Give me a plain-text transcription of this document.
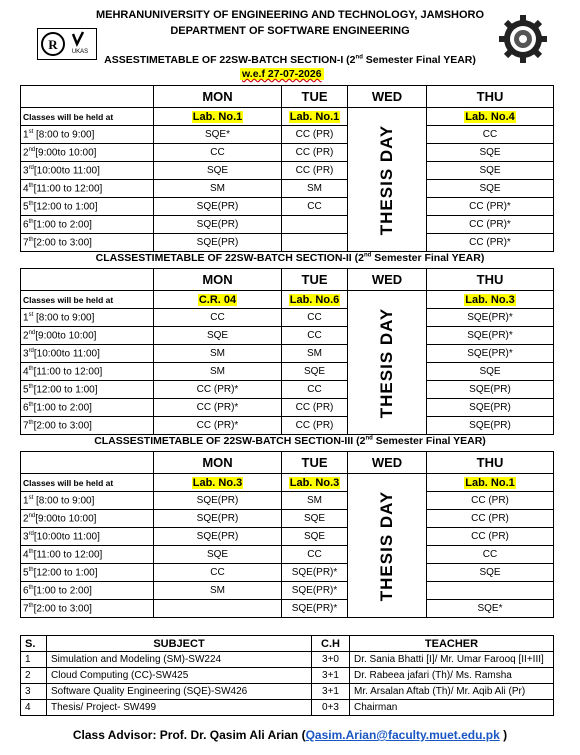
MEHRANUNIVERSITY OF ENGINEERING AND TECHNOLOGY, JAMSHORO
DEPARTMENT OF SOFTWARE ENGINEERING
R UKAS
ASSESTIMETABLE OF 22SW-BATCH SECTION-I (2nd Semester Final YEAR)
w.e.f 27-07-2026
	MON	TUE	WED	THU	
Classes will be held at	Lab. No.1	Lab. No.1	THESIS DAY	Lab. No.4	
1st [8:00 to 9:00]	SQE*	CC (PR)		CC	
2nd[9:00to 10:00]	CC	CC (PR)		SQE	
3rd[10:00to 11:00]	SQE	CC (PR)		SQE	
4th[11:00 to 12:00]	SM	SM		SQE	
5th[12:00 to 1:00]	SQE(PR)	CC		CC (PR)*	
6th[1:00 to 2:00]	SQE(PR)			CC (PR)*	
7th[2:00 to 3:00]	SQE(PR)			CC (PR)*	
CLASSESTIMETABLE OF 22SW-BATCH SECTION-II (2nd Semester Final YEAR)
	MON	TUE	WED	THU	
Classes will be held at	C.R. 04	Lab. No.6	THESIS DAY	Lab. No.3	
1st [8:00 to 9:00]	CC	CC		SQE(PR)*	
2nd[9:00to 10:00]	SQE	CC		SQE(PR)*	
3rd[10:00to 11:00]	SM	SM		SQE(PR)*	
4th[11:00 to 12:00]	SM	SQE		SQE	
5th[12:00 to 1:00]	CC (PR)*	CC		SQE(PR)	
6th[1:00 to 2:00]	CC (PR)*	CC (PR)		SQE(PR)	
7th[2:00 to 3:00]	CC (PR)*	CC (PR)		SQE(PR)	
CLASSESTIMETABLE OF 22SW-BATCH SECTION-III (2nd Semester Final YEAR)
	MON	TUE	WED	THU	
Classes will be held at	Lab. No.3	Lab. No.3	THESIS DAY	Lab. No.1	
1st [8:00 to 9:00]	SQE(PR)	SM		CC (PR)	
2nd[9:00to 10:00]	SQE(PR)	SQE		CC (PR)	
3rd[10:00to 11:00]	SQE(PR)	SQE		CC (PR)	
4th[11:00 to 12:00]	SQE	CC		CC	
5th[12:00 to 1:00]	CC	SQE(PR)*		SQE	
6th[1:00 to 2:00]	SM	SQE(PR)*			
7th[2:00 to 3:00]		SQE(PR)*		SQE*	
S.	SUBJECT	C.H	TEACHER
1	Simulation and Modeling (SM)-SW224	3+0	Dr. Sania Bhatti [I]/ Mr. Umar Farooq [II+III]
2	Cloud Computing (CC)-SW425	3+1	Dr. Rabeea jafari (Th)/ Ms. Ramsha
3	Software Quality Engineering (SQE)-SW426	3+1	Mr. Arsalan Aftab (Th)/ Mr. Aqib Ali (Pr)
4	Thesis/ Project- SW499	0+3	Chairman
Class Advisor: Prof. Dr. Qasim Ali Arian (Qasim.Arian@faculty.muet.edu.pk )
